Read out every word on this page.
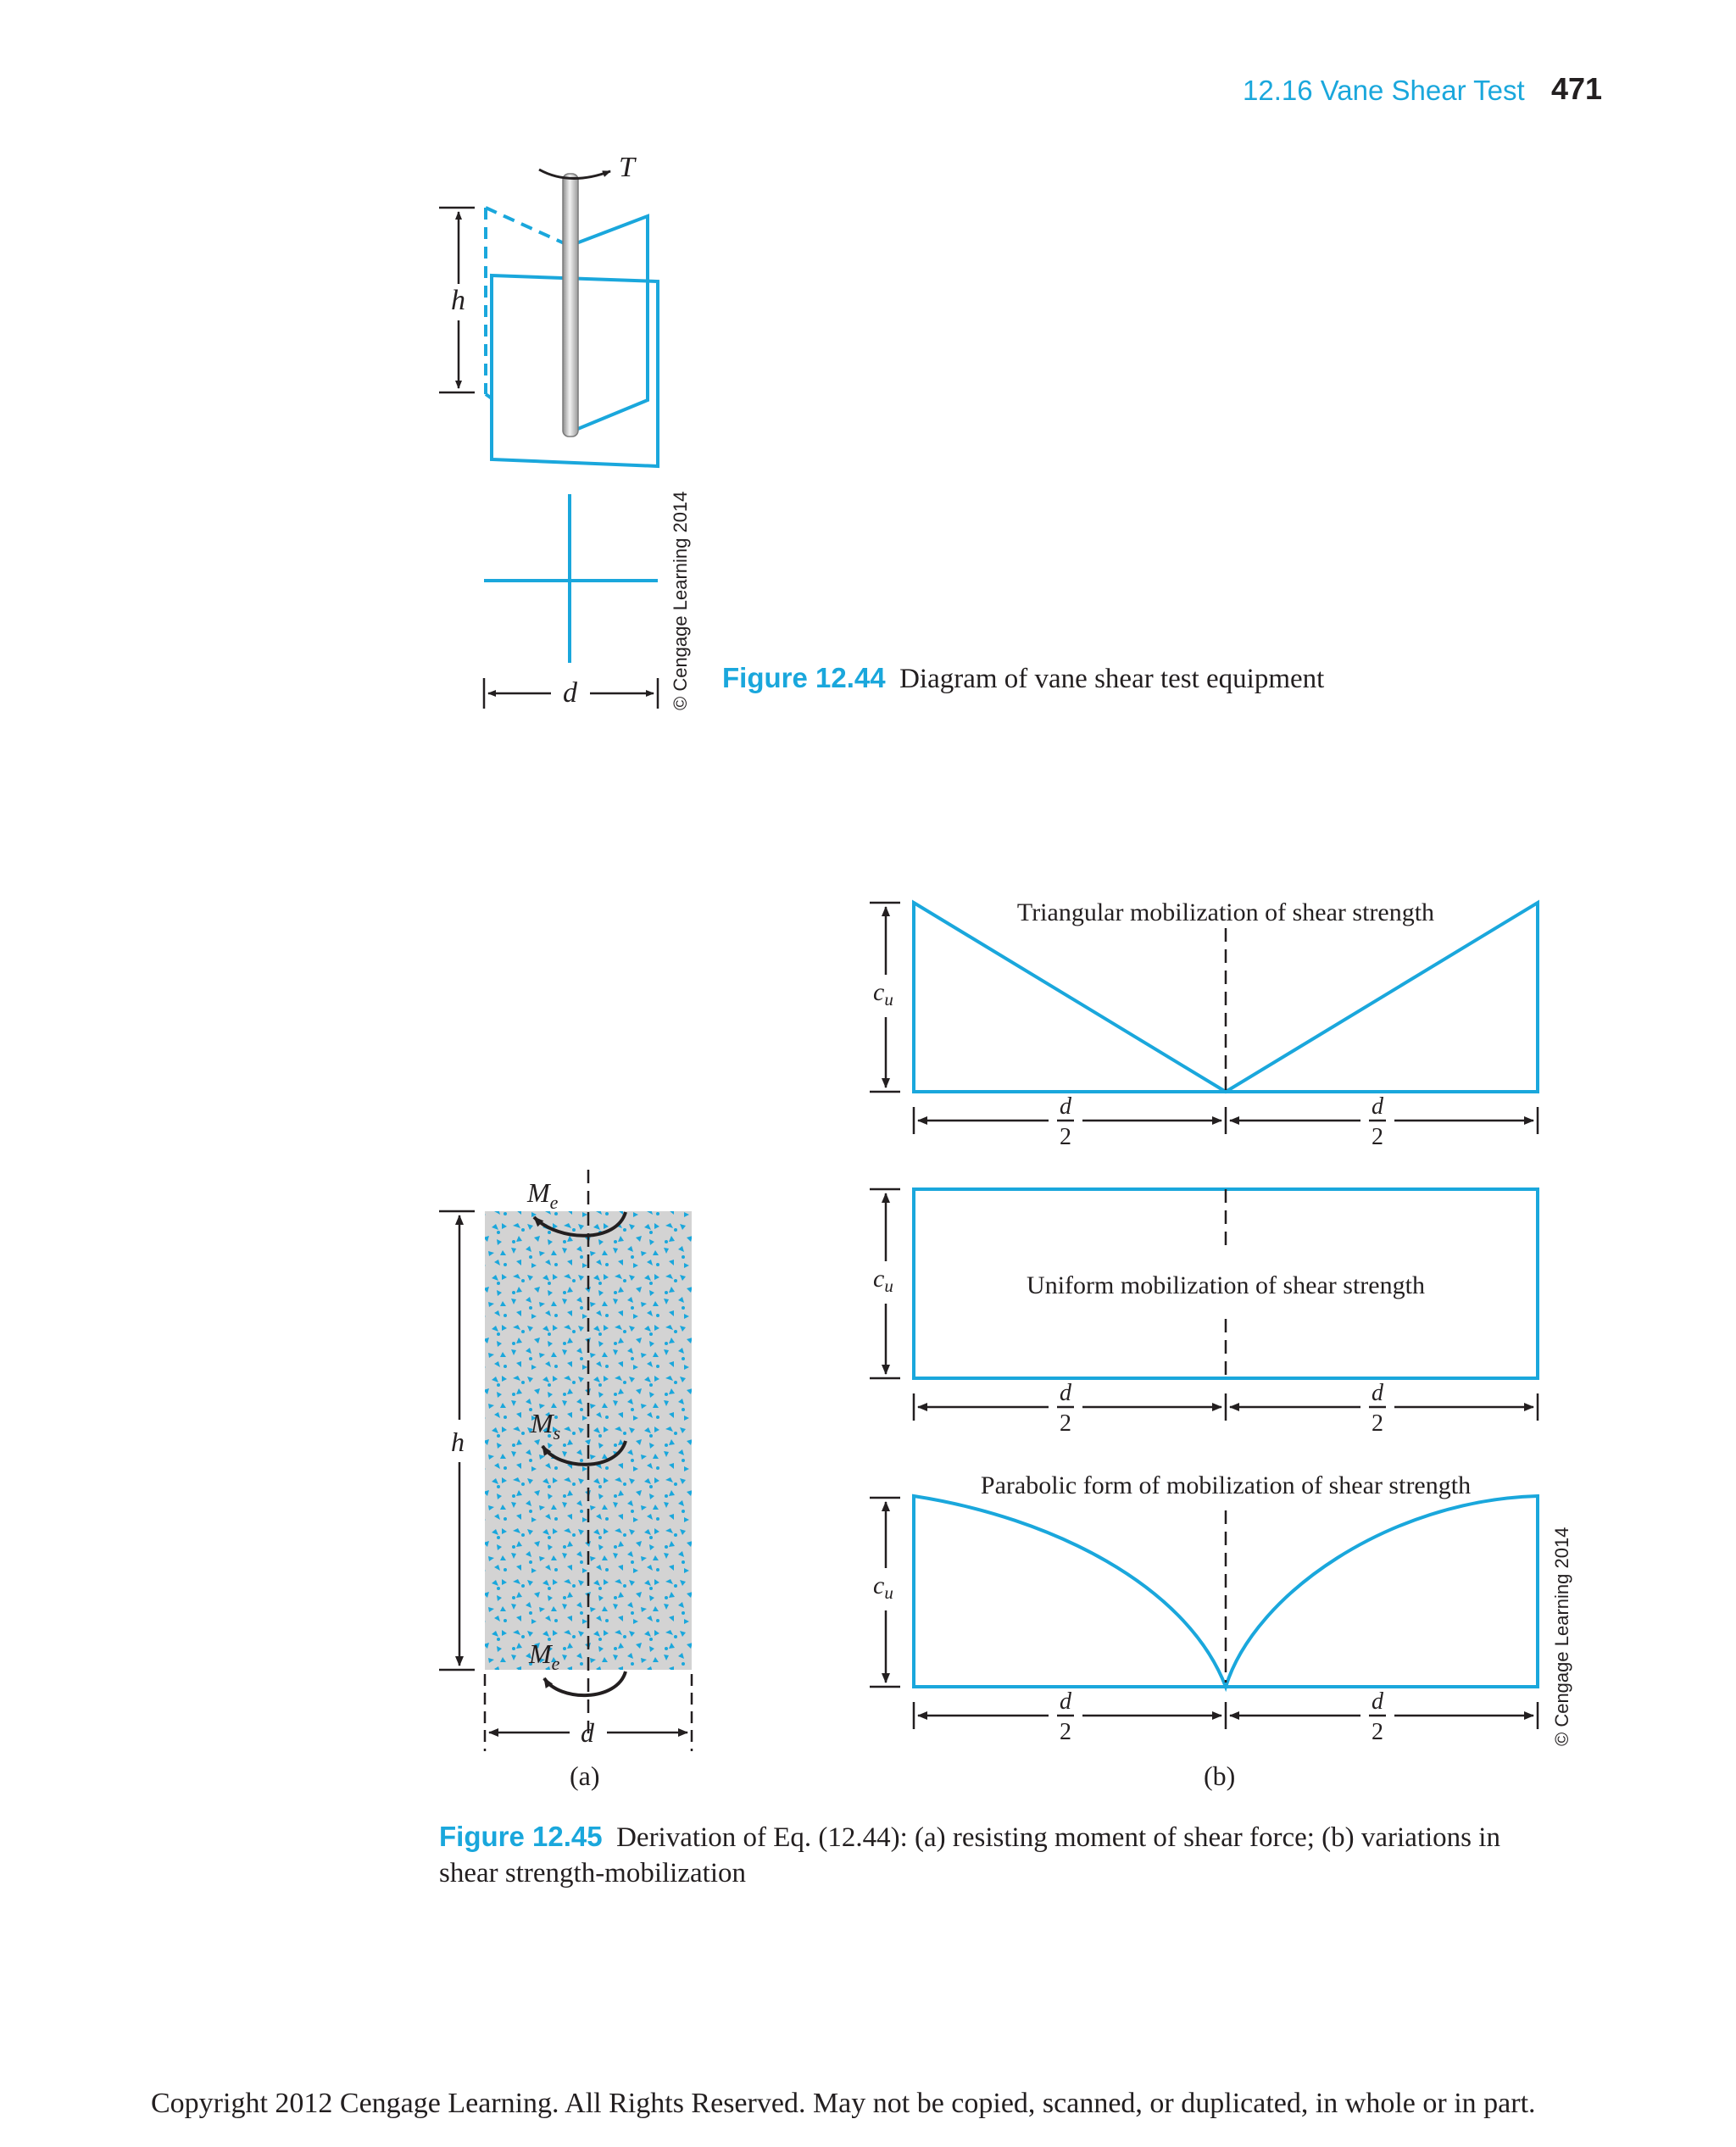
12.16 Vane Shear Test 471
T
h
d	© Cengage Learning 2014 Figure 12.44 Diagram of vane shear test equipment
$M_e$
$M_s$
$M_e$
h
d
(a)
Triangular mobilization of shear strength
$c_u$
d
2
d
2
Uniform mobilization of shear strength
$c_u$
d
2
d
2
Parabolic form of mobilization of shear strength
$c_u$
d
2
d
2
(b)
© Cengage Learning 2014
Figure 12.45 Derivation of Eq. (12.44): (a) resisting moment of shear force; (b) variations in shear strength-mobilization
Copyright 2012 Cengage Learning. All Rights Reserved. May not be copied, scanned, or duplicated, in whole or in part.
